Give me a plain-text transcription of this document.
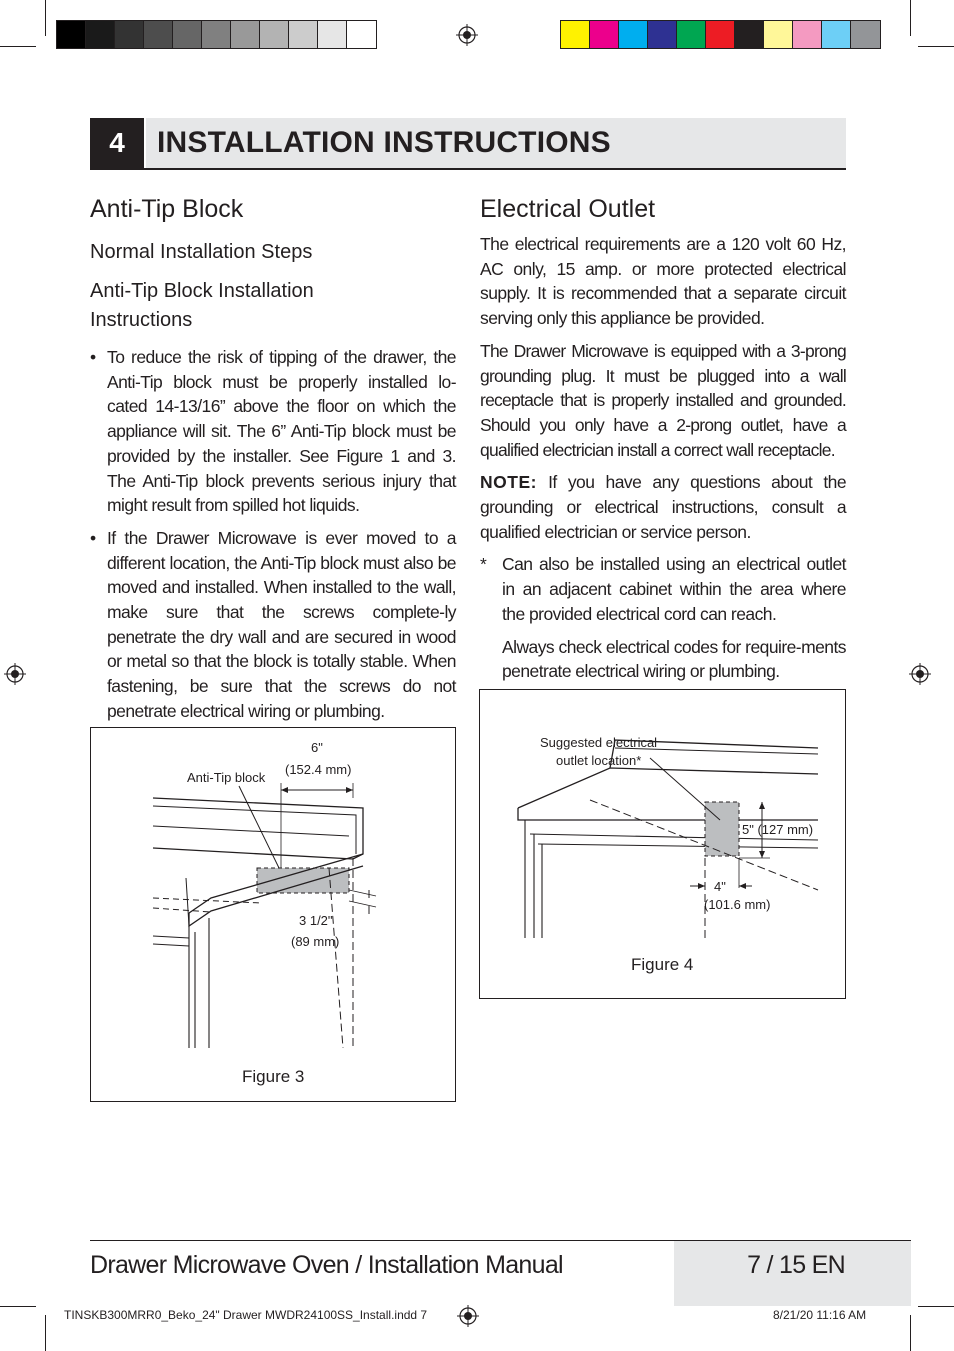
4	INSTALLATION INSTRUCTIONS
Anti-Tip Block
Normal Installation Steps
Anti-Tip Block Installation Instructions
• To reduce the risk of tipping of the drawer, the Anti-Tip block must be properly installed lo-cated 14-13/16” above the floor on which the appliance will sit. The 6” Anti-Tip block must be provided by the installer. See Figure 1 and 3. The Anti-Tip block prevents serious injury that might result from spilled hot liquids.
• If the Drawer Microwave is ever moved to a different location, the Anti-Tip block must also be moved and installed. When installed to the wall, make sure that the screws complete-ly penetrate the dry wall and are secured in wood or metal so that the block is totally stable. When fastening, be sure that the screws do not penetrate electrical wiring or plumbing.
Electrical Outlet

The electrical requirements are a 120 volt 60 Hz, AC only, 15 amp. or more protected electrical supply. It is recommended that a separate circuit serving only this appliance be provided.

The Drawer Microwave is equipped with a 3-prong grounding plug. It must be plugged into a wall receptacle that is properly installed and grounded. Should you only have a 2-prong outlet, have a qualified electrician install a correct wall receptacle.

NOTE: If you have any questions about the grounding or electrical instructions, consult a qualified electrician or service person.

* Can also be installed using an electrical outlet in an adjacent cabinet within the area where the provided electrical cord can reach.

Always check electrical codes for require-ments penetrate electrical wiring or plumbing.

6"
(152.4 mm)
Anti-Tip block
3 1/2"
(89 mm)
Figure 3
Suggested electrical
outlet location*
5" (127 mm)
4"
(101.6 mm)
Figure 4
Drawer Microwave Oven / Installation Manual	7 / 15 EN
TINSKB300MRR0_Beko_24" Drawer MWDR24100SS_Install.indd 7	8/21/20 11:16 AM
